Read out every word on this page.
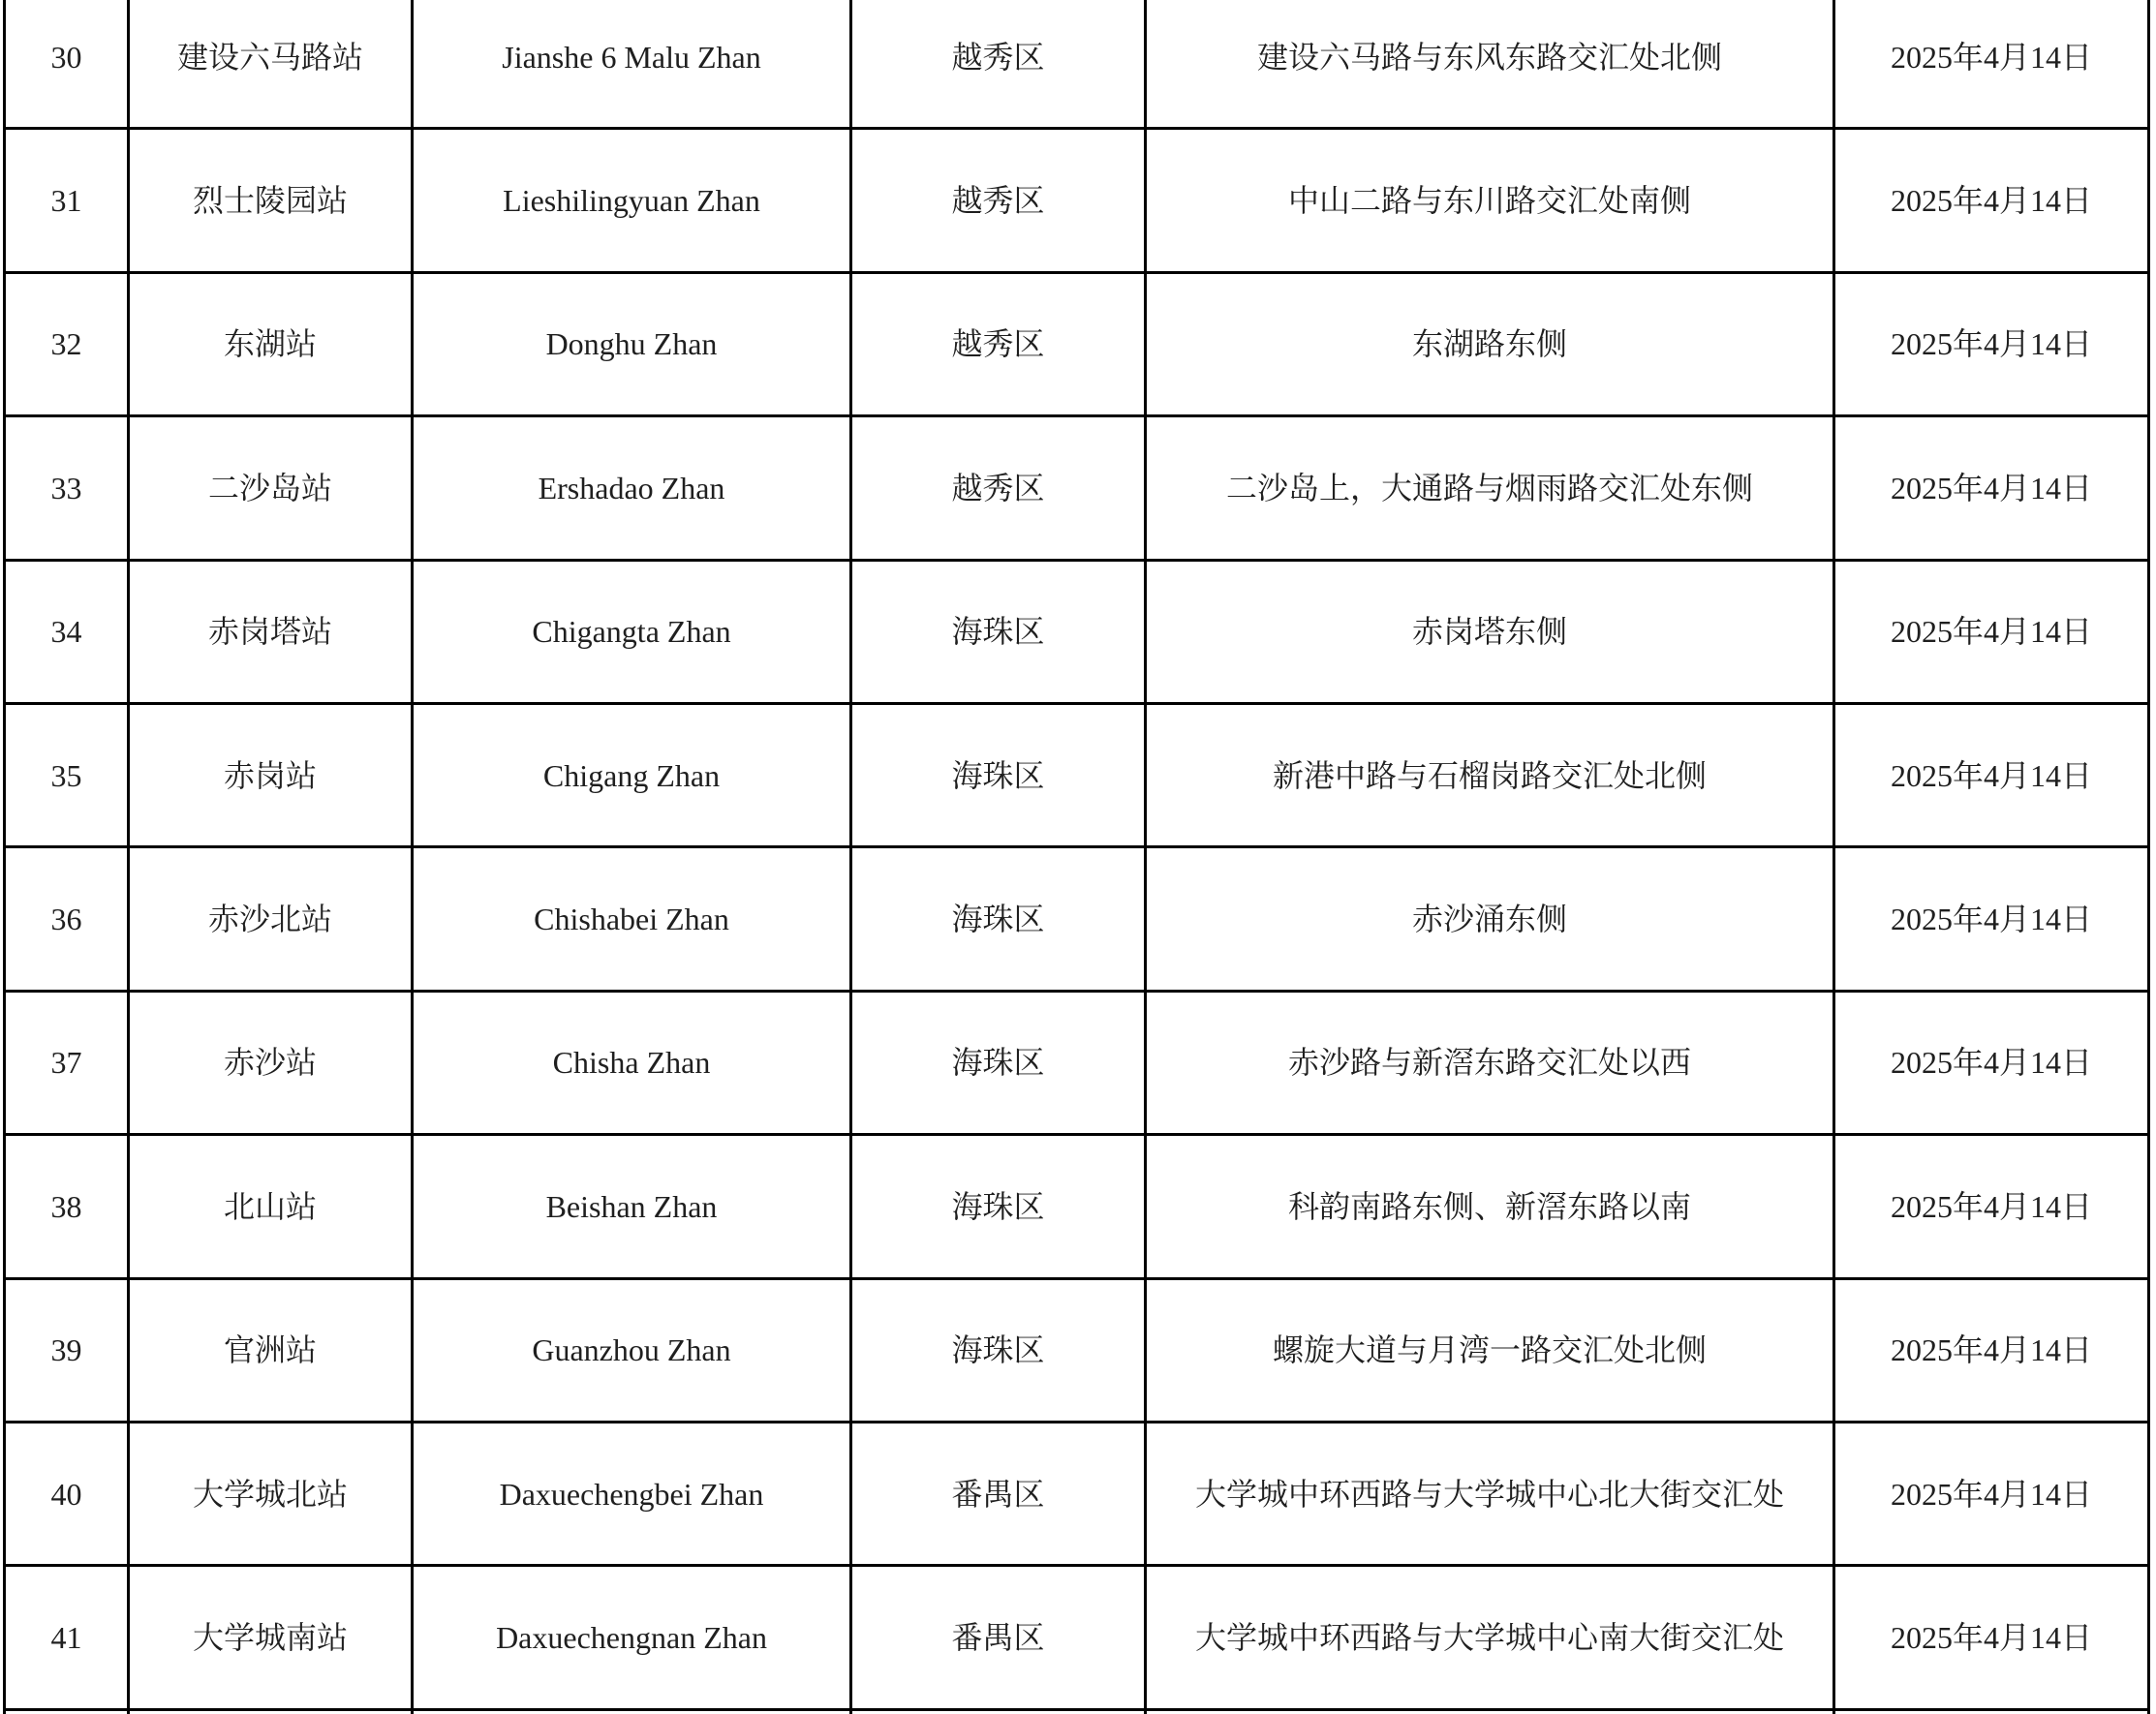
30	建设六马路站	Jianshe 6 Malu Zhan	越秀区	建设六马路与东风东路交汇处北侧	2025年4月14日
31	烈士陵园站	Lieshilingyuan Zhan	越秀区	中山二路与东川路交汇处南侧	2025年4月14日
32	东湖站	Donghu Zhan	越秀区	东湖路东侧	2025年4月14日
33	二沙岛站	Ershadao Zhan	越秀区	二沙岛上，大通路与烟雨路交汇处东侧	2025年4月14日
34	赤岗塔站	Chigangta Zhan	海珠区	赤岗塔东侧	2025年4月14日
35	赤岗站	Chigang Zhan	海珠区	新港中路与石榴岗路交汇处北侧	2025年4月14日
36	赤沙北站	Chishabei Zhan	海珠区	赤沙涌东侧	2025年4月14日
37	赤沙站	Chisha Zhan	海珠区	赤沙路与新滘东路交汇处以西	2025年4月14日
38	北山站	Beishan Zhan	海珠区	科韵南路东侧、新滘东路以南	2025年4月14日
39	官洲站	Guanzhou Zhan	海珠区	螺旋大道与月湾一路交汇处北侧	2025年4月14日
40	大学城北站	Daxuechengbei Zhan	番禺区	大学城中环西路与大学城中心北大街交汇处	2025年4月14日
41	大学城南站	Daxuechengnan Zhan	番禺区	大学城中环西路与大学城中心南大街交汇处	2025年4月14日
